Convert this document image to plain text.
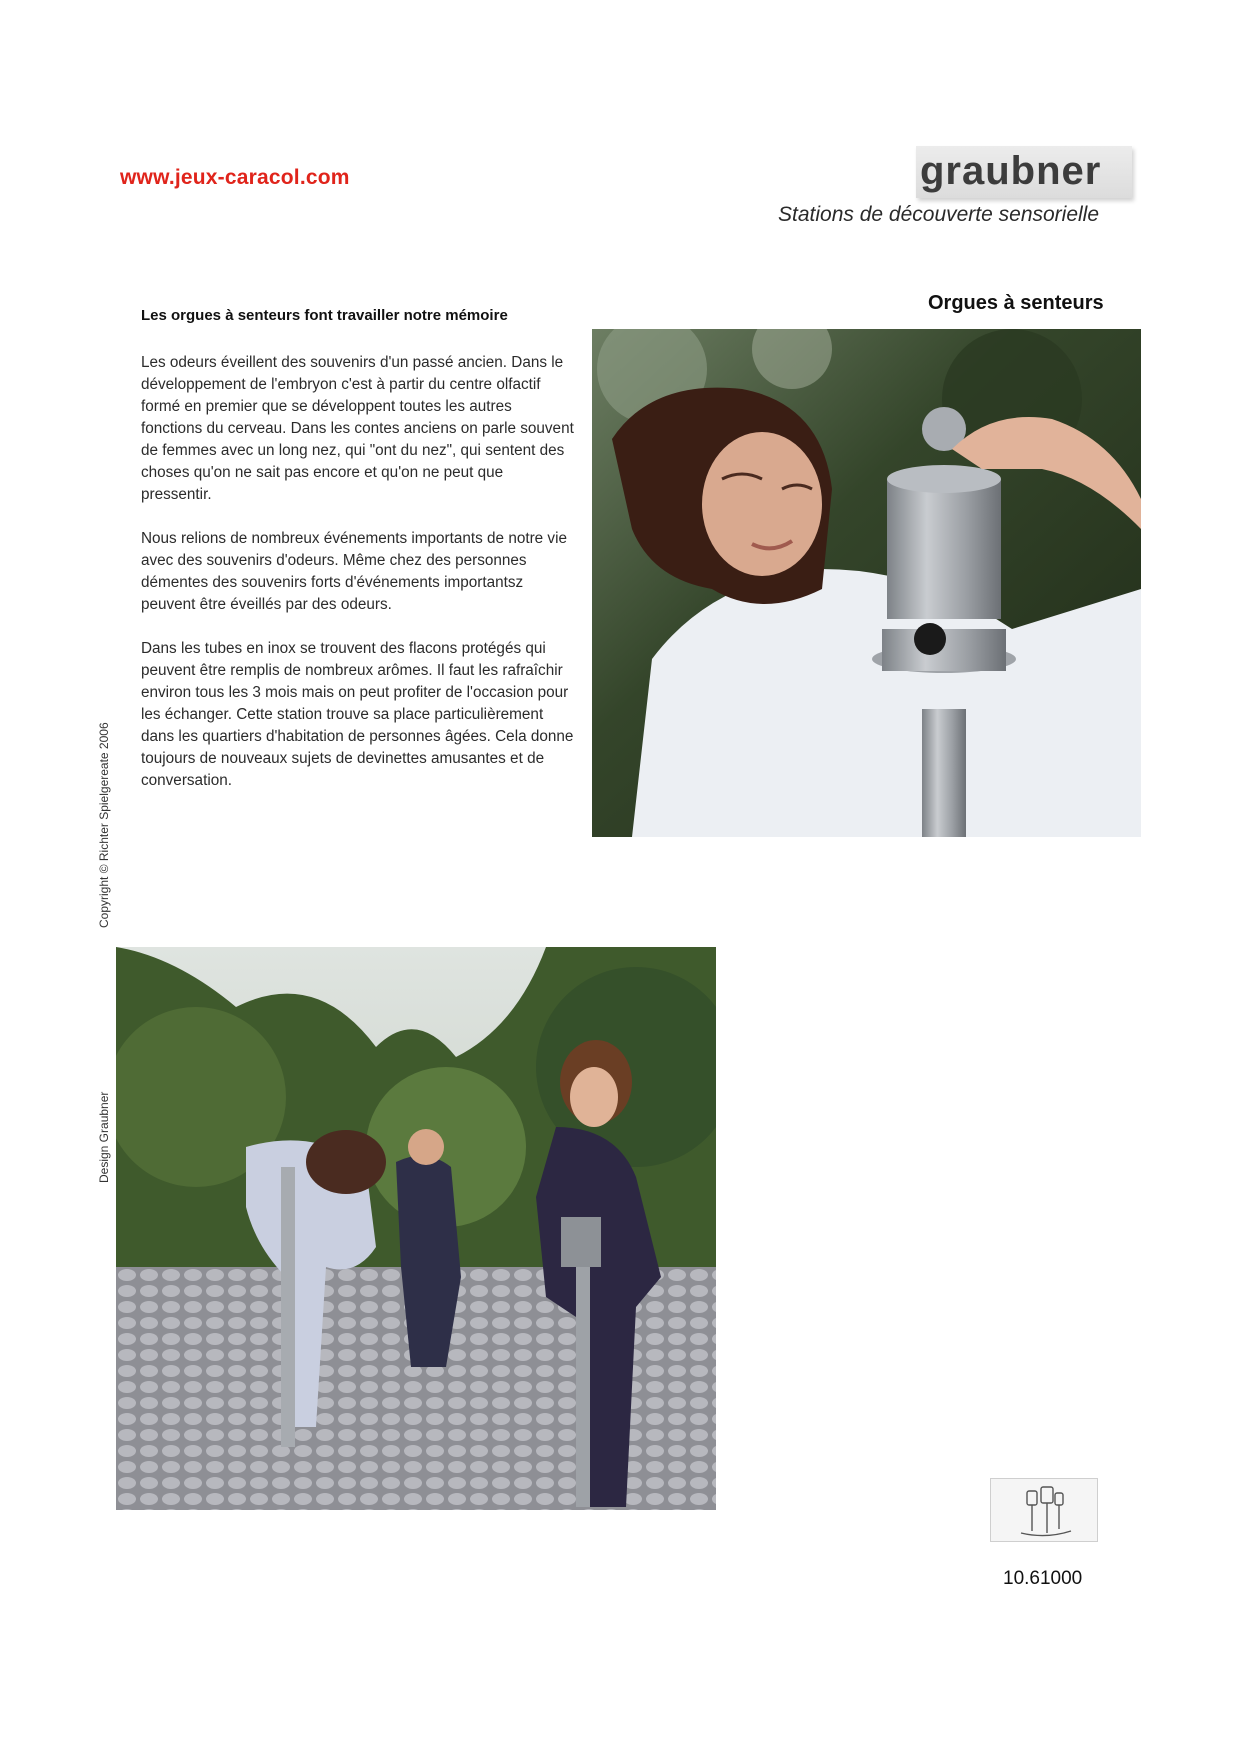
www.jeux-caracol.com	graubner
Stations de découverte sensorielle
Orgues à senteurs
Les orgues à senteurs font travailler notre mémoire

Les odeurs éveillent des souvenirs d'un passé ancien. Dans le développement de l'embryon c'est à partir du centre olfactif formé en premier que se développent toutes les autres fonctions du cerveau. Dans les contes anciens on parle souvent de femmes avec un long nez, qui "ont du nez", qui sentent des choses qu'on ne sait pas encore et qu'on ne peut que pressentir.

Nous relions de nombreux événements importants de notre vie avec des souvenirs d'odeurs. Même chez des personnes démentes des souvenirs forts d'événements importantsz peuvent être éveillés par des odeurs.

Dans les tubes en inox se trouvent des flacons protégés qui peuvent être remplis de nombreux arômes. Il faut les rafraîchir environ tous les 3 mois mais on peut profiter de l'occasion pour les échanger. Cette station trouve sa place particulièrement dans les quartiers d'habitation de personnes âgées. Cela donne toujours de nouveaux sujets de devinettes amusantes et de conversation.

Copyright © Richter Spielgereate 2006
Design Graubner
10.61000
